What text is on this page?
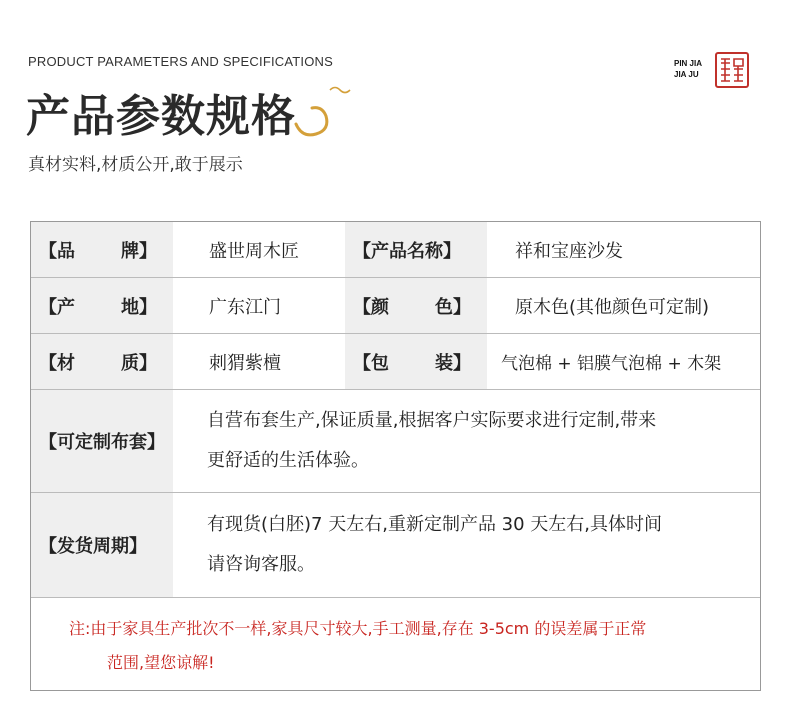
PRODUCT PARAMETERS AND SPECIFICATIONS
产品参数规格
真材实料,材质公开,敢于展示
PIN JIA
JIA JU
【品	牌】	盛世周木匠	【产品名称】	祥和宝座沙发
【产	地】	广东江门	【颜	色】	原木色(其他颜色可定制)
【材	质】	刺猬紫檀	【包	装】	气泡棉 + 铝膜气泡棉 + 木架
【可定制布套】
自营布套生产,保证质量,根据客户实际要求进行定制,带来
更舒适的生活体验。
【发货周期】
有现货(白胚)7 天左右,重新定制产品 30 天左右,具体时间
请咨询客服。
注:由于家具生产批次不一样,家具尺寸较大,手工测量,存在 3-5cm 的误差属于正常
范围,望您谅解!
